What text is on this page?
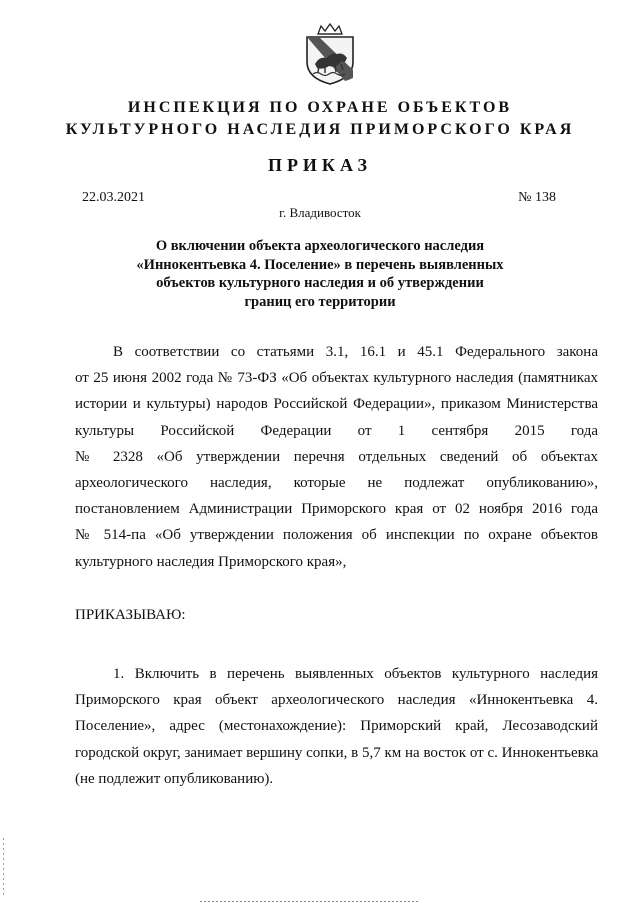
ИНСПЕКЦИЯ ПО ОХРАНЕ ОБЪЕКТОВ
КУЛЬТУРНОГО НАСЛЕДИЯ ПРИМОРСКОГО КРАЯ
ПРИКАЗ
22.03.2021	№ 138
г. Владивосток
О включении объекта археологического наследия
«Иннокентьевка 4. Поселение» в перечень выявленных
объектов культурного наследия и об утверждении
границ его территории
В соответствии со статьями 3.1, 16.1 и 45.1 Федерального закона
от 25 июня 2002 года № 73-ФЗ «Об объектах культурного наследия (памятниках
истории и культуры) народов Российской Федерации», приказом Министерства
культуры Российской Федерации от 1 сентября 2015 года
№ 2328 «Об утверждении перечня отдельных сведений об объектах
археологического наследия, которые не подлежат опубликованию»,
постановлением Администрации Приморского края от 02 ноября 2016 года
№ 514-па «Об утверждении положения об инспекции по охране объектов
культурного наследия Приморского края»,
ПРИКАЗЫВАЮ:
1. Включить в перечень выявленных объектов культурного наследия
Приморского края объект археологического наследия «Иннокентьевка 4.
Поселение», адрес (местонахождение): Приморский край, Лесозаводский
городской округ, занимает вершину сопки, в 5,7 км на восток от с. Иннокентьевка
(не подлежит опубликованию).
